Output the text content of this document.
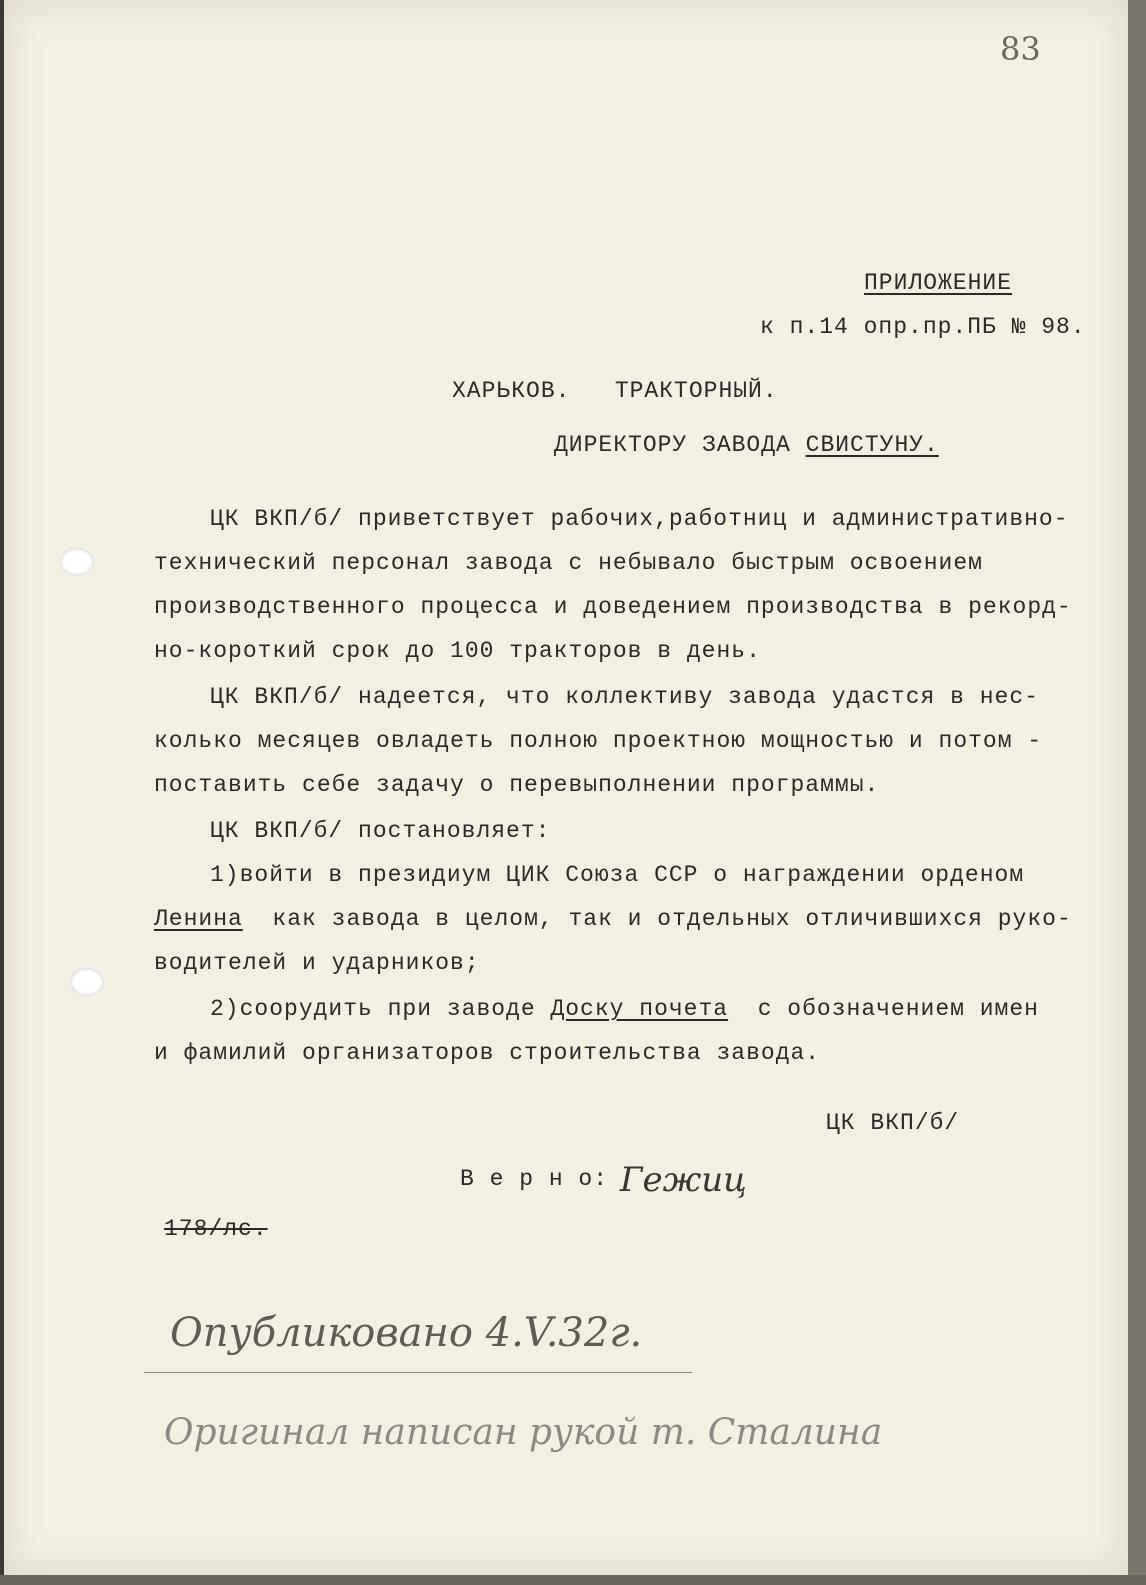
83
ПРИЛОЖЕНИЕ
к п.14 опр.пр.ПБ № 98.
ХАРЬКОВ.   ТРАКТОРНЫЙ.
ДИРЕКТОРУ ЗАВОДА СВИСТУНУ.
ЦК ВКП/б/ приветствует рабочих,работниц и административно-
технический персонал завода с небывало быстрым освоением
производственного процесса и доведением производства в рекорд-
но-короткий срок до 100 тракторов в день.
ЦК ВКП/б/ надеется, что коллективу завода удастся в нес-
колько месяцев овладеть полною проектною мощностью и потом -
поставить себе задачу о перевыполнении программы.
ЦК ВКП/б/ постановляет:
1)войти в президиум ЦИК Союза ССР о награждении орденом
Ленина  как завода в целом, так и отдельных отличившихся руко-
водителей и ударников;
2)соорудить при заводе Доску почета  с обозначением имен
и фамилий организаторов строительства завода.
ЦК ВКП/б/
В е р н о: Гежиц
178/лс.
Опубликовано 4.V.32г.
Оригинал написан рукой т. Сталина
